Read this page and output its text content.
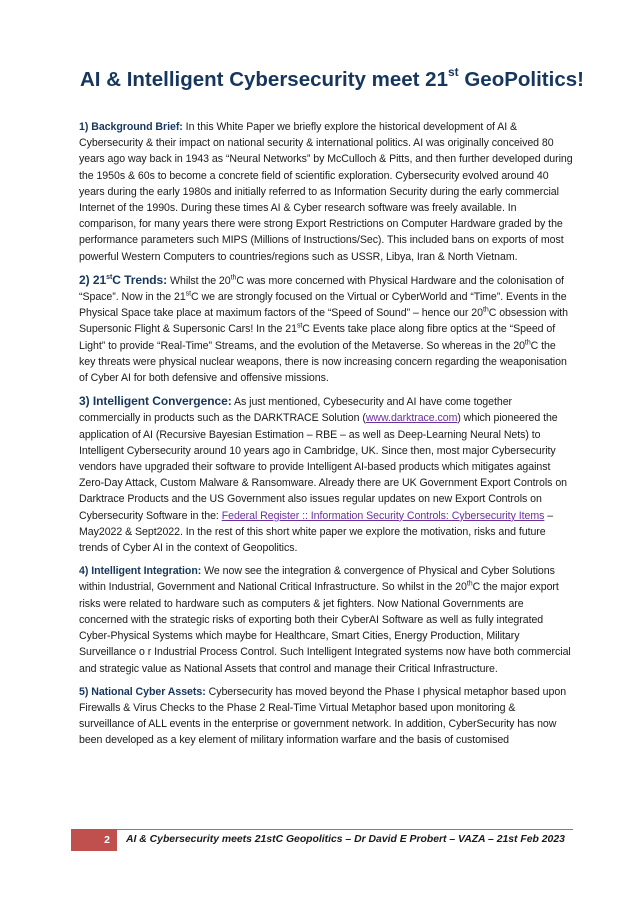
AI & Intelligent Cybersecurity meet 21st GeoPolitics!

1) Background Brief: In this White Paper we briefly explore the historical development of AI & Cybersecurity & their impact on national security & international politics. AI was originally conceived 80 years ago way back in 1943 as “Neural Networks” by McCulloch & Pitts, and then further developed during the 1950s & 60s to become a concrete field of scientific exploration. Cybersecurity evolved around 40 years during the early 1980s and initially referred to as Information Security during the early commercial Internet of the 1990s. During these times AI & Cyber research software was freely available. In comparison, for many years there were strong Export Restrictions on Computer Hardware graded by the performance parameters such MIPS (Millions of Instructions/Sec). This included bans on exports of most powerful Western Computers to countries/regions such as USSR, Libya, Iran & North Vietnam.

2) 21stC Trends: Whilst the 20thC was more concerned with Physical Hardware and the colonisation of “Space”. Now in the 21stC we are strongly focused on the Virtual or CyberWorld and “Time”. Events in the Physical Space take place at maximum factors of the “Speed of Sound” – hence our 20thC obsession with Supersonic Flight & Supersonic Cars! In the 21stC Events take place along fibre optics at the “Speed of Light” to provide “Real-Time” Streams, and the evolution of the Metaverse. So whereas in the 20thC the key threats were physical nuclear weapons, there is now increasing concern regarding the weaponisation of Cyber AI for both defensive and offensive missions.

3) Intelligent Convergence: As just mentioned, Cybesecurity and AI have come together commercially in products such as the DARKTRACE Solution (www.darktrace.com) which pioneered the application of AI (Recursive Bayesian Estimation – RBE – as well as Deep-Learning Neural Nets) to Intelligent Cybersecurity around 10 years ago in Cambridge, UK. Since then, most major Cybersecurity vendors have upgraded their software to provide Intelligent AI-based products which mitigates against Zero-Day Attack, Custom Malware & Ransomware. Already there are UK Government Export Controls on Darktrace Products and the US Government also issues regular updates on new Export Controls on Cybersecurity Software in the: Federal Register :: Information Security Controls: Cybersecurity Items – May2022 & Sept2022. In the rest of this short white paper we explore the motivation, risks and future trends of Cyber AI in the context of Geopolitics.

4) Intelligent Integration: We now see the integration & convergence of Physical and Cyber Solutions within Industrial, Government and National Critical Infrastructure. So whilst in the 20thC the major export risks were related to hardware such as computers & jet fighters. Now National Governments are concerned with the strategic risks of exporting both their CyberAI Software as well as fully integrated Cyber-Physical Systems which maybe for Healthcare, Smart Cities, Energy Production, Military Surveillance o r Industrial Process Control. Such Intelligent Integrated systems now have both commercial and strategic value as National Assets that control and manage their Critical Infrastructure.

5) National Cyber Assets: Cybersecurity has moved beyond the Phase I physical metaphor based upon Firewalls & Virus Checks to the Phase 2 Real-Time Virtual Metaphor based upon monitoring & surveillance of ALL events in the enterprise or government network. In addition, CyberSecurity has now been developed as a key element of military information warfare and the basis of customised

2	AI & Cybersecurity meets 21stC Geopolitics – Dr David E Probert – VAZA – 21st Feb 2023
